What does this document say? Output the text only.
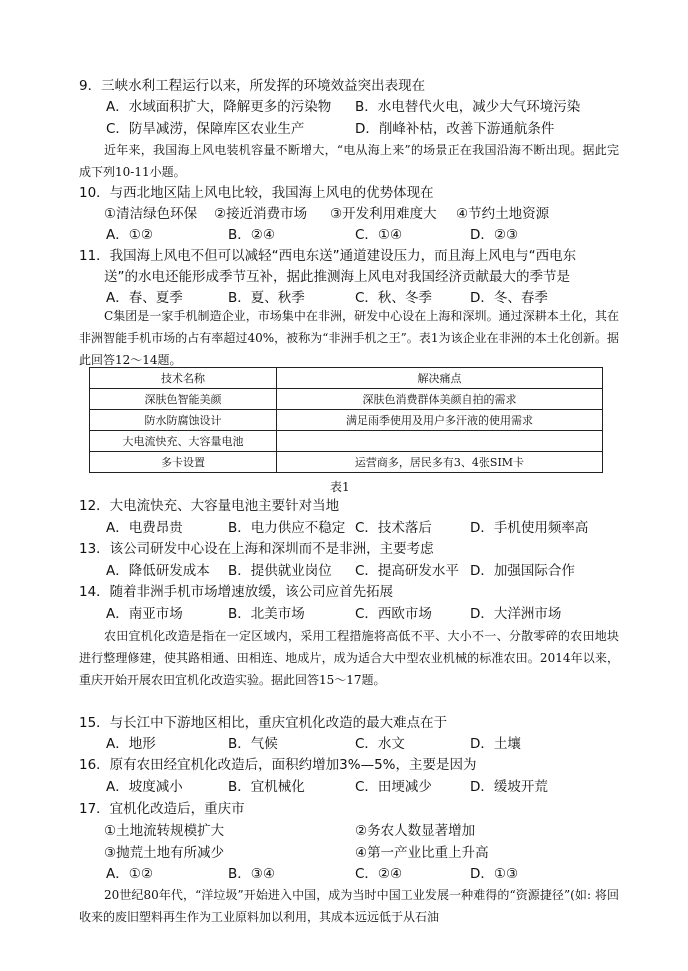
9．三峡水利工程运行以来，所发挥的环境效益突出表现在
A．水域面积扩大，降解更多的污染物 B．水电替代火电，减少大气环境污染
C．防旱减涝，保障库区农业生产	D．削峰补枯，改善下游通航条件
近年来，我国海上风电装机容量不断增大，“电从海上来”的场景正在我国沿海不断出现。据此完成下列10-11小题。
10．与西北地区陆上风电比较，我国海上风电的优势体现在
①清洁绿色环保 ②接近消费市场 ③开发利用难度大 ④节约土地资源
A．①②	B．②④	C．①④	D．②③
11．我国海上风电不但可以减轻“西电东送”通道建设压力，而且海上风电与“西电东
送”的水电还能形成季节互补，据此推测海上风电对我国经济贡献最大的季节是
A．春、夏季	B．夏、秋季	C．秋、冬季	D．冬、春季
C集团是一家手机制造企业，市场集中在非洲，研发中心设在上海和深圳。通过深耕本土化，其在非洲智能手机市场的占有率超过40%，被称为“非洲手机之王”。表1为该企业在非洲的本土化创新。据此回答12～14题。
技术名称	解决痛点
深肤色智能美颜	深肤色消费群体美颜自拍的需求
防水防腐蚀设计	满足雨季使用及用户多汗液的使用需求
大电流快充、大容量电池	
多卡设置	运营商多，居民多有3、4张SIM卡
表1
12．大电流快充、大容量电池主要针对当地
A．电费昂贵	B．电力供应不稳定 C．技术落后	D．手机使用频率高
13．该公司研发中心设在上海和深圳而不是非洲，主要考虑
A．降低研发成本 B．提供就业岗位 C．提高研发水平 D．加强国际合作
14．随着非洲手机市场增速放缓，该公司应首先拓展
A．南亚市场	B．北美市场	C．西欧市场	D．大洋洲市场
农田宜机化改造是指在一定区域内，采用工程措施将高低不平、大小不一、分散零碎的农田地块进行整理修建，使其路相通、田相连、地成片，成为适合大中型农业机械的标准农田。2014年以来，重庆开始开展农田宜机化改造实验。据此回答15～17题。
15．与长江中下游地区相比，重庆宜机化改造的最大难点在于
A．地形	B．气候	C．水文	D．土壤
16．原有农田经宜机化改造后，面积约增加3%—5%，主要是因为
A．坡度减小	B．宜机械化	C．田埂减少	D．缓坡开荒
17．宜机化改造后，重庆市
①土地流转规模扩大	②务农人数显著增加
③抛荒土地有所减少	④第一产业比重上升高
A．①②	B．③④	C．②④	D．①③
20世纪80年代，“洋垃圾”开始进入中国，成为当时中国工业发展一种难得的“资源捷径”(如: 将回收来的废旧塑料再生作为工业原料加以利用，其成本远远低于从石油
